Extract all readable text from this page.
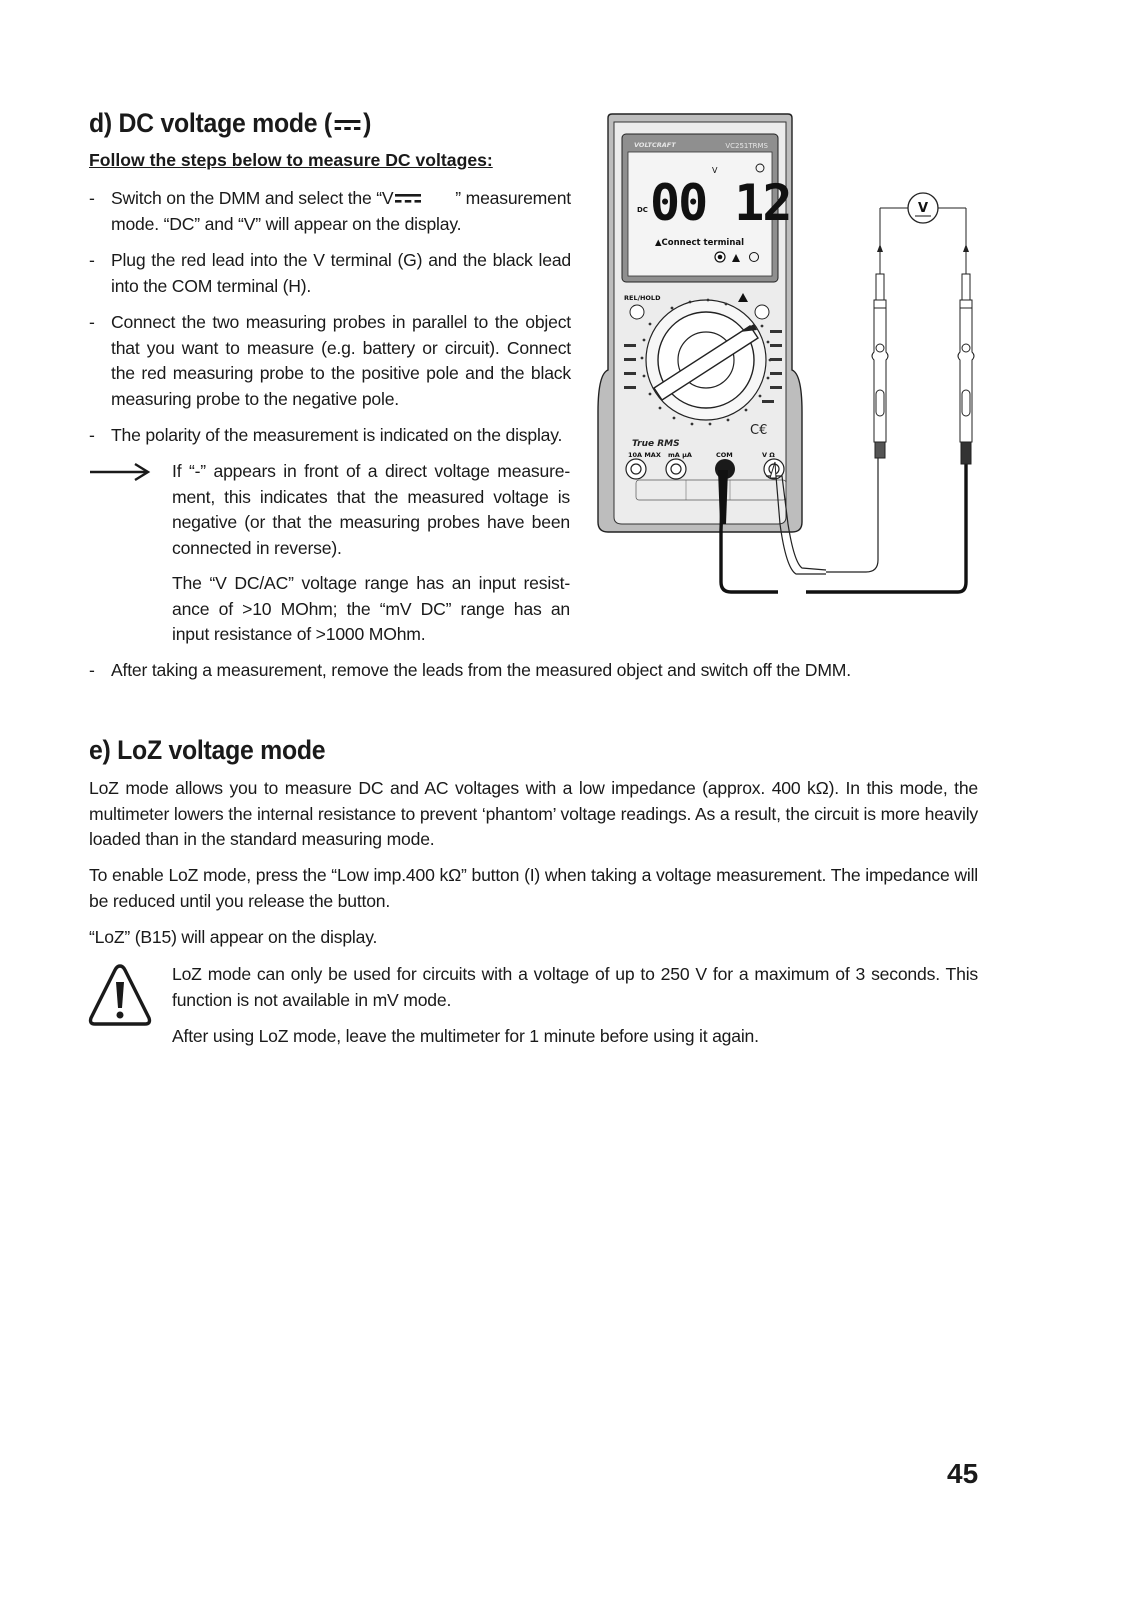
d) DC voltage mode ( )
Follow the steps below to measure DC voltages:
- Switch on the DMM and select the “V	” measurement
mode. “DC” and “V” will appear on the display.
- Plug the red lead into the V terminal (G) and the black lead into the COM terminal (H).
- Connect the two measuring probes in parallel to the object that you want to measure (e.g. battery or circuit). Connect the red measuring probe to the positive pole and the black measuring probe to the negative pole.
- The polarity of the measurement is indicated on the display.
If “-” appears in front of a direct voltage measure-ment, this indicates that the measured voltage is negative (or that the measuring probes have been connected in reverse).
The “V DC/AC” voltage range has an input resist-ance of >10 MOhm; the “mV DC” range has an input resistance of >1000 MOhm.
- After taking a measurement, remove the leads from the measured object and switch off the DMM.
VOLTCRAFT	VC251TRMS
V
DC 00 12
▲Connect terminal
REL/HOLD
C€
True RMS
10A MAX mA µA	COM	V Ω
V
e) LoZ voltage mode
LoZ mode allows you to measure DC and AC voltages with a low impedance (approx. 400 kΩ). In this mode, the multimeter lowers the internal resistance to prevent ‘phantom’ voltage readings. As a result, the circuit is more heavily loaded than in the standard measuring mode.
To enable LoZ mode, press the “Low imp.400 kΩ” button (I) when taking a voltage measurement. The impedance will be reduced until you release the button.
“LoZ” (B15) will appear on the display.
LoZ mode can only be used for circuits with a voltage of up to 250 V for a maximum of 3 seconds. This function is not available in mV mode.
After using LoZ mode, leave the multimeter for 1 minute before using it again.
45
